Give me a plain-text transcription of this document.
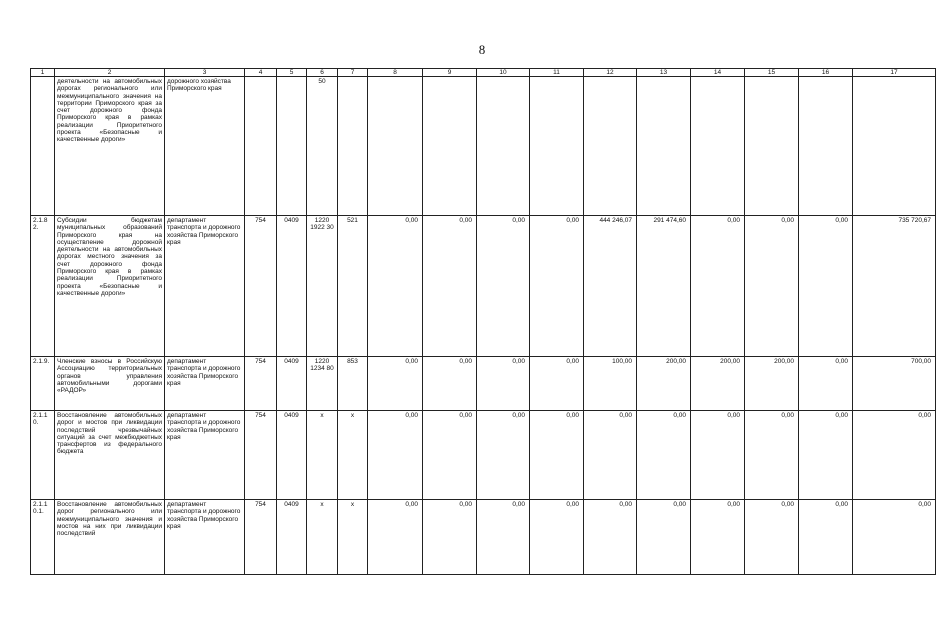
8
1	2	3	4	5	6	7	8	9	10	11	12	13	14	15	16	17
	деятельности на автомобильных дорогах регионального или межмуниципального значения на территории Приморского края за счет дорожного фонда Приморского края в рамках реализации Приоритетного проекта «Безопасные и качественные дороги»	дорожного хозяйства Приморского края			50											
2.1.8 2.	Субсидии бюджетам муниципальных образований Приморского края на осуществление дорожной деятельности на автомобильных дорогах местного значения за счет дорожного фонда Приморского края в рамках реализации Приоритетного проекта «Безопасные и качественные дороги»	департамент транспорта и дорожного хозяйства Приморского края	754	0409	1220 1922 30	521	0,00	0,00	0,00	0,00	444 246,07	291 474,60	0,00	0,00	0,00	735 720,67
2.1.9.	Членские взносы в Российскую Ассоциацию территориальных органов управления автомобильными дорогами «РАДОР»	департамент транспорта и дорожного хозяйства Приморского края	754	0409	1220 1234 80	853	0,00	0,00	0,00	0,00	100,00	200,00	200,00	200,00	0,00	700,00
2.1.1 0.	Восстановление автомобильных дорог и мостов при ликвидации последствий чрезвычайных ситуаций за счет межбюджетных трансфертов из федерального бюджета	департамент транспорта и дорожного хозяйства Приморского края	754	0409	x	x	0,00	0,00	0,00	0,00	0,00	0,00	0,00	0,00	0,00	0,00
2.1.1 0.1.	Восстановление автомобильных дорог регионального или межмуниципального значения и мостов на них при ликвидации последствий	департамент транспорта и дорожного хозяйства Приморского края	754	0409	x	x	0,00	0,00	0,00	0,00	0,00	0,00	0,00	0,00	0,00	0,00
